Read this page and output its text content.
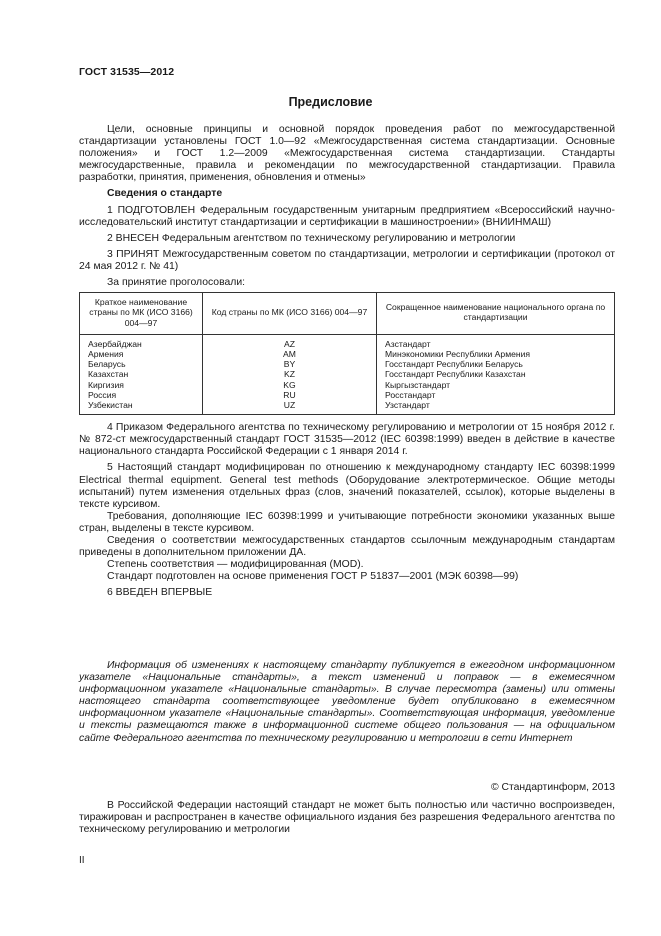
ГОСТ 31535—2012
Предисловие

Цели, основные принципы и основной порядок проведения работ по межгосударственной стандартизации установлены ГОСТ 1.0—92 «Межгосударственная система стандартизации. Основные положения» и ГОСТ 1.2—2009 «Межгосударственная система стандартизации. Стандарты межгосударственные, правила и рекомендации по межгосударственной стандартизации. Правила разработки, принятия, применения, обновления и отмены»

Сведения о стандарте

1 ПОДГОТОВЛЕН Федеральным государственным унитарным предприятием «Всероссийский научно-исследовательский институт стандартизации и сертификации в машиностроении» (ВНИИНМАШ)

2 ВНЕСЕН Федеральным агентством по техническому регулированию и метрологии

3 ПРИНЯТ Межгосударственным советом по стандартизации, метрологии и сертификации (протокол от 24 мая 2012 г. № 41)

За принятие проголосовали:

Краткое наименование страны по МК (ИСО 3166) 004—97	Код страны по МК (ИСО 3166) 004—97	Сокращенное наименование национального органа по стандартизации
Азербайджан	AZ	Азстандарт
Армения	AM	Минэкономики Республики Армения
Беларусь	BY	Госстандарт Республики Беларусь
Казахстан	KZ	Госстандарт Республики Казахстан
Киргизия	KG	Кыргызстандарт
Россия	RU	Росстандарт
Узбекистан	UZ	Узстандарт

4 Приказом Федерального агентства по техническому регулированию и метрологии от 15 ноября 2012 г. № 872-ст межгосударственный стандарт ГОСТ 31535—2012 (IEC 60398:1999) введен в действие в качестве национального стандарта Российской Федерации с 1 января 2014 г.

5 Настоящий стандарт модифицирован по отношению к международному стандарту IEC 60398:1999 Electrical thermal equipment. General test methods (Оборудование электротермическое. Общие методы испытаний) путем изменения отдельных фраз (слов, значений показателей, ссылок), которые выделены в тексте курсивом.

Требования, дополняющие IEC 60398:1999 и учитывающие потребности экономики указанных выше стран, выделены в тексте курсивом.

Сведения о соответствии межгосударственных стандартов ссылочным международным стандартам приведены в дополнительном приложении ДА.

Степень соответствия — модифицированная (MOD).

Стандарт подготовлен на основе применения ГОСТ Р 51837—2001 (МЭК 60398—99)

6 ВВЕДЕН ВПЕРВЫЕ

Информация об изменениях к настоящему стандарту публикуется в ежегодном информационном указателе «Национальные стандарты», а текст изменений и поправок — в ежемесячном информационном указателе «Национальные стандарты». В случае пересмотра (замены) или отмены настоящего стандарта соответствующее уведомление будет опубликовано в ежемесячном информационном указателе «Национальные стандарты». Соответствующая информация, уведомление и тексты размещаются также в информационной системе общего пользования — на официальном сайте Федерального агентства по техническому регулированию и метрологии в сети Интернет

© Стандартинформ, 2013

В Российской Федерации настоящий стандарт не может быть полностью или частично воспроизведен, тиражирован и распространен в качестве официального издания без разрешения Федерального агентства по техническому регулированию и метрологии

II
